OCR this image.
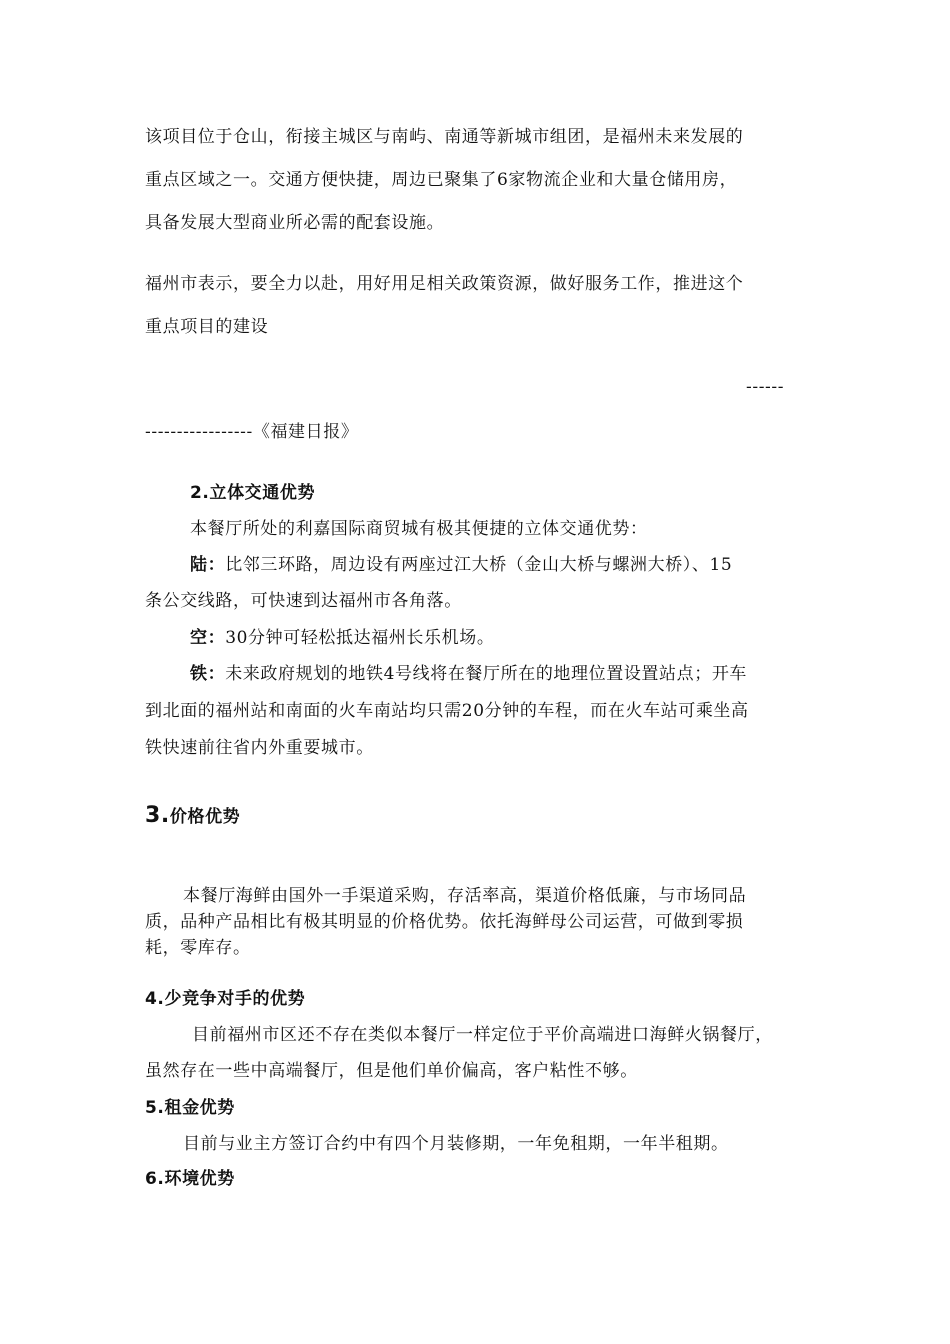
该项目位于仓山，衔接主城区与南屿、南通等新城市组团，是福州未来发展的
重点区域之一。交通方便快捷，周边已聚集了6家物流企业和大量仓储用房，
具备发展大型商业所必需的配套设施。
福州市表示，要全力以赴，用好用足相关政策资源，做好服务工作，推进这个
重点项目的建设
------
-----------------《福建日报》
2.立体交通优势
本餐厅所处的利嘉国际商贸城有极其便捷的立体交通优势：
陆：比邻三环路，周边设有两座过江大桥（金山大桥与螺洲大桥）、15
条公交线路，可快速到达福州市各角落。
空：30分钟可轻松抵达福州长乐机场。
铁：未来政府规划的地铁4号线将在餐厅所在的地理位置设置站点；开车
到北面的福州站和南面的火车南站均只需20分钟的车程，而在火车站可乘坐高
铁快速前往省内外重要城市。
3.价格优势
本餐厅海鲜由国外一手渠道采购，存活率高，渠道价格低廉，与市场同品
质，品种产品相比有极其明显的价格优势。依托海鲜母公司运营，可做到零损
耗，零库存。
4.少竞争对手的优势
目前福州市区还不存在类似本餐厅一样定位于平价高端进口海鲜火锅餐厅，
虽然存在一些中高端餐厅，但是他们单价偏高，客户粘性不够。
5.租金优势
目前与业主方签订合约中有四个月装修期，一年免租期，一年半租期。
6.环境优势
